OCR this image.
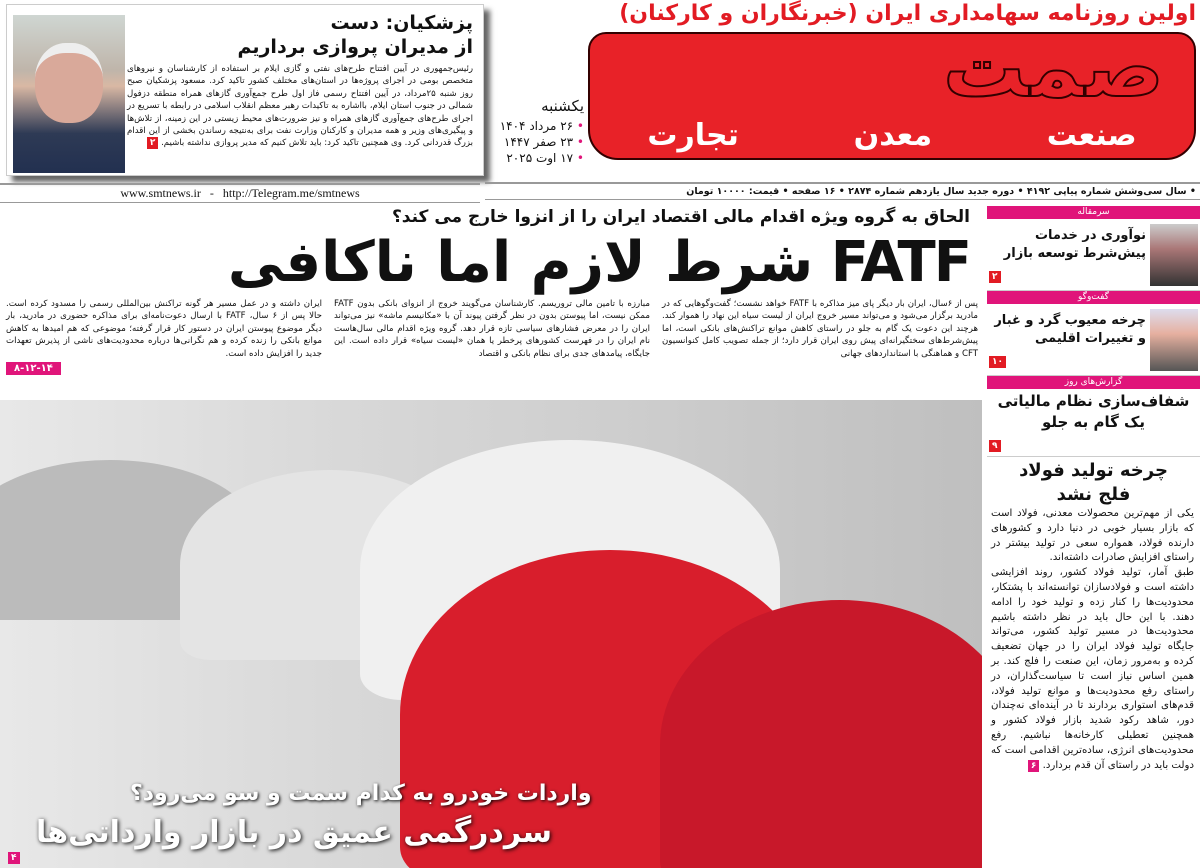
پزشکیان: دست
از مدیران پروازی برداریم
رئیس‌جمهوری در آیین افتتاح طرح‌های نفتی و گازی ایلام بر استفاده از کارشناسان و نیروهای متخصص بومی در اجرای پروژه‌ها در استان‌های مختلف کشور تاکید کرد. مسعود پزشکیان صبح روز شنبه ۲۵مرداد، در آیین افتتاح رسمی فاز اول طرح جمع‌آوری گازهای همراه منطقه دزفول شمالی در جنوب استان ایلام، بااشاره به تاکیدات رهبر معظم انقلاب اسلامی در رابطه با تسریع در اجرای طرح‌های جمع‌آوری گازهای همراه و نیز ضرورت‌های محیط زیستی در این زمینه، از تلاش‌ها و پیگیری‌های وزیر و همه مدیران و کارکنان وزارت نفت برای به‌نتیجه رساندن بخشی از این اقدام بزرگ قدردانی کرد. وی همچنین تاکید کرد: باید تلاش کنیم که مدیر پروازی نداشته باشیم. ۲
www.smtnews.ir   -   http://Telegram.me/smtnews
اولین روزنامه سهامداری ایران (خبرنگاران و کارکنان)
صمت
صنعت
معدن
تجارت
یکشنبه
• ۲۶ مرداد ۱۴۰۴
• ۲۳ صفر ۱۴۴۷
• ۱۷ اوت ۲۰۲۵
• سال سی‌وشش شماره پیاپی ۴۱۹۲ • دوره جدید سال یازدهم شماره ۲۸۷۴ • ۱۶ صفحه • قیمت: ۱۰۰۰۰ تومان
الحاق به گروه ویژه اقدام مالی اقتصاد ایران را از انزوا خارج می کند؟
FATF شرط لازم اما ناکافی
پس از ۶سال، ایران بار دیگر پای میز مذاکره با FATF خواهد نشست؛ گفت‌وگوهایی که در مادرید برگزار می‌شود و می‌تواند مسیر خروج ایران از لیست سیاه این نهاد را هموار کند. هرچند این دعوت یک گام به جلو در راستای کاهش موانع تراکنش‌های بانکی است، اما پیش‌شرط‌های سختگیرانه‌ای پیش روی ایران قرار دارد؛ از جمله تصویب کامل کنوانسیون CFT و هماهنگی با استانداردهای جهانی
مبارزه با تامین مالی تروریسم. کارشناسان می‌گویند خروج از انزوای بانکی بدون FATF ممکن نیست، اما پیوستن بدون در نظر گرفتن پیوند آن با «مکانیسم ماشه» نیز می‌تواند ایران را در معرض فشارهای سیاسی تازه قرار دهد. گروه ویژه اقدام مالی سال‌هاست نام ایران را در فهرست کشورهای پرخطر یا همان «لیست سیاه» قرار داده است. این جایگاه، پیامدهای جدی برای نظام بانکی و اقتصاد
ایران داشته و در عمل مسیر هر گونه تراکنش بین‌المللی رسمی را مسدود کرده است. حالا پس از ۶ سال، FATF با ارسال دعوت‌نامه‌ای برای مذاکره حضوری در مادرید، بار دیگر موضوع پیوستن ایران در دستور کار قرار گرفته؛ موضوعی که هم امیدها به کاهش موانع بانکی را زنده کرده و هم نگرانی‌ها درباره محدودیت‌های ناشی از پذیرش تعهدات جدید را افزایش داده است.
۸-۱۲-۱۴
واردات خودرو به کدام سمت و سو می‌رود؟
سردرگمی عمیق در بازار وارداتی‌ها
۴
سرمقاله
نوآوری در خدمات پیش‌شرط توسعه بازار
۲
گفت‌وگو
چرخه معیوب گرد و غبار و تغییرات اقلیمی
۱۰
گزارش‌های روز
شفاف‌سازی نظام مالیاتی
یک گام به جلو
۹
چرخه تولید فولاد
فلج نشد

یکی از مهم‌ترین محصولات معدنی، فولاد است که بازار بسیار خوبی در دنیا دارد و کشورهای دارنده فولاد، همواره سعی در تولید بیشتر در راستای افزایش صادرات داشته‌اند.

طبق آمار، تولید فولاد کشور، روند افزایشی داشته است و فولادسازان توانسته‌اند با پشتکار، محدودیت‌ها را کنار زده و تولید خود را ادامه دهند. با این حال باید در نظر داشته باشیم محدودیت‌ها در مسیر تولید کشور، می‌تواند جایگاه تولید فولاد ایران را در جهان تضعیف کرده و به‌مرور زمان، این صنعت را فلج کند. بر همین اساس نیاز است تا سیاست‌گذاران، در راستای رفع محدودیت‌ها و موانع تولید فولاد، قدم‌های استواری بردارند تا در آینده‌ای نه‌چندان دور، شاهد رکود شدید بازار فولاد کشور و همچنین تعطیلی کارخانه‌ها نباشیم. رفع محدودیت‌های انرژی، ساده‌ترین اقدامی است که دولت باید در راستای آن قدم بردارد. ۶
